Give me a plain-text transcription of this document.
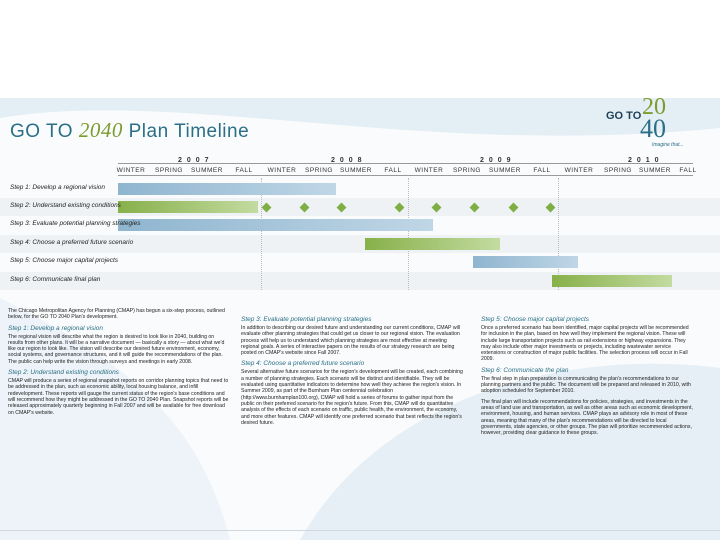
GO TO 2040 Plan Timeline
GO TO 20
40
Imagine that...
2007	2008	2009	2010
WINTER	SPRING	SUMMER	FALL	WINTER	SPRING	SUMMER	FALL	WINTER	SPRING	SUMMER	FALL	WINTER	SPRING	SUMMER	FALL
Step 1: Develop a regional vision
Step 2: Understand existing conditions
Step 3: Evaluate potential planning strategies
Step 4: Choose a preferred future scenario
Step 5: Choose major capital projects
Step 6: Communicate final plan

The Chicago Metropolitan Agency for Planning (CMAP) has begun a six-step process, outlined below, for the GO TO 2040 Plan's development.

Step 1: Develop a regional vision

The regional vision will describe what the region is desired to look like in 2040, building on results from other plans. It will be a narrative document — basically a story — about what we'd like our region to look like. The vision will describe our desired future environment, economy, social systems, and governance structures, and it will guide the recommendations of the plan. The public can help write the vision through surveys and meetings in early 2008.

Step 2: Understand existing conditions

CMAP will produce a series of regional snapshot reports on corridor planning topics that need to be addressed in the plan, such as economic ability, local housing balance, and infill redevelopment. These reports will gauge the current status of the region's base conditions and will recommend how they might be addressed in the GO TO 2040 Plan. Snapshot reports will be released approximately quarterly beginning in Fall 2007 and will be available for free download on CMAP's website.

Step 3: Evaluate potential planning strategies

In addition to describing our desired future and understanding our current conditions, CMAP will evaluate other planning strategies that could get us closer to our regional vision. The evaluation process will help us to understand which planning strategies are most effective at meeting regional goals. A series of interactive papers on the results of our strategy research are being posted on CMAP's website since Fall 2007.

Step 4: Choose a preferred future scenario

Several alternative future scenarios for the region's development will be created, each combining a number of planning strategies. Each scenario will be distinct and identifiable. They will be evaluated using quantitative indicators to determine how well they achieve the region's vision. In Summer 2009, as part of the Burnham Plan centennial celebration (http://www.burnhamplan100.org), CMAP will hold a series of forums to gather input from the public on their preferred scenario for the region's future. From this, CMAP will do quantitative analysis of the effects of each scenario on traffic, public health, the environment, the economy, and more other features. CMAP will identify one preferred scenario that best reflects the region's desired future.

Step 5: Choose major capital projects

Once a preferred scenario has been identified, major capital projects will be recommended for inclusion in the plan, based on how well they implement the regional vision. These will include large transportation projects such as rail extensions or highway expansions. They may also include other major investments or projects, including wastewater service extensions or construction of major public facilities. The selection process will occur in Fall 2009.

Step 6: Communicate the plan

The final step in plan preparation is communicating the plan's recommendations to our planning partners and the public. The document will be prepared and released in 2010, with adoption scheduled for September 2010.

The final plan will include recommendations for policies, strategies, and investments in the areas of land use and transportation, as well as other areas such as economic development, environment, housing, and human services. CMAP plays an advisory role in most of these areas, meaning that many of the plan's recommendations will be directed to local governments, state agencies, or other groups. The plan will prioritize recommended actions, however, providing clear guidance to these groups.
